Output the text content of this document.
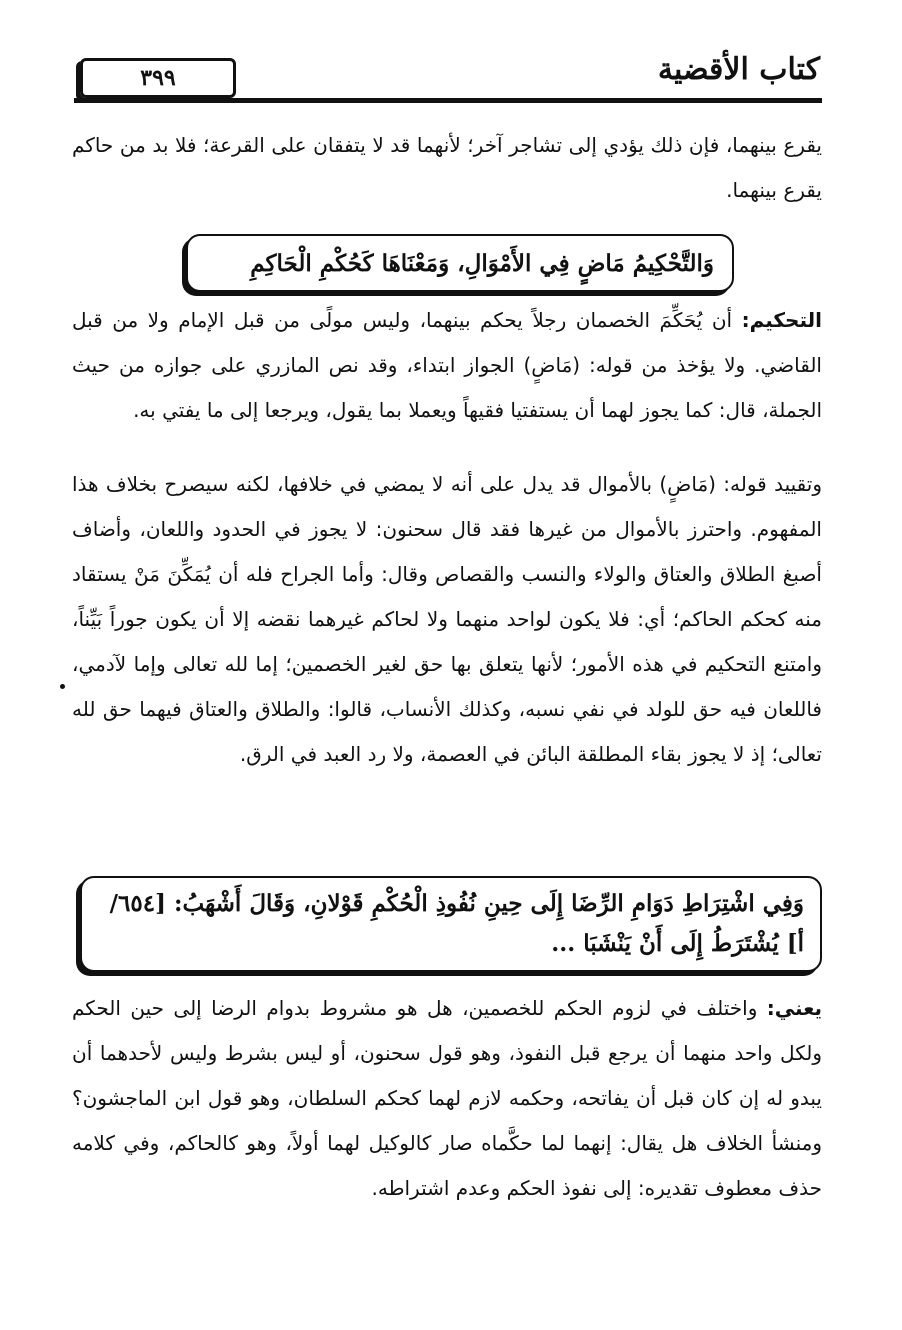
٣٩٩	كتاب الأقضية
يقرع بينهما، فإن ذلك يؤدي إلى تشاجر آخر؛ لأنهما قد لا يتفقان على القرعة؛ فلا بد من حاكم يقرع بينهما.
وَالتَّحْكِيمُ مَاضٍ فِي الأَمْوَالِ، وَمَعْنَاهَا كَحُكْمِ الْحَاكِمِ
التحكيم: أن يُحَكِّمَ الخصمان رجلاً يحكم بينهما، وليس مولًى من قبل الإمام ولا من قبل القاضي. ولا يؤخذ من قوله: (مَاضٍ) الجواز ابتداء، وقد نص المازري على جوازه من حيث الجملة، قال: كما يجوز لهما أن يستفتيا فقيهاً ويعملا بما يقول، ويرجعا إلى ما يفتي به.
وتقييد قوله: (مَاضٍ) بالأموال قد يدل على أنه لا يمضي في خلافها، لكنه سيصرح بخلاف هذا المفهوم. واحترز بالأموال من غيرها فقد قال سحنون: لا يجوز في الحدود واللعان، وأضاف أصبغ الطلاق والعتاق والولاء والنسب والقصاص وقال: وأما الجراح فله أن يُمَكِّنَ مَنْ يستقاد منه كحكم الحاكم؛ أي: فلا يكون لواحد منهما ولا لحاكم غيرهما نقضه إلا أن يكون جوراً بَيِّناً، وامتنع التحكيم في هذه الأمور؛ لأنها يتعلق بها حق لغير الخصمين؛ إما لله تعالى وإما لآدمي، فاللعان فيه حق للولد في نفي نسبه، وكذلك الأنساب، قالوا: والطلاق والعتاق فيهما حق لله تعالى؛ إذ لا يجوز بقاء المطلقة البائن في العصمة، ولا رد العبد في الرق.
وَفِي اشْتِرَاطِ دَوَامِ الرِّضَا إِلَى حِينِ نُفُوذِ الْحُكْمِ قَوْلانِ، وَقَالَ أَشْهَبُ: [٦٥٤/أ] يُشْتَرَطُ إِلَى أَنْ يَنْشَبَا ...
يعني: واختلف في لزوم الحكم للخصمين، هل هو مشروط بدوام الرضا إلى حين الحكم ولكل واحد منهما أن يرجع قبل النفوذ، وهو قول سحنون، أو ليس بشرط وليس لأحدهما أن يبدو له إن كان قبل أن يفاتحه، وحكمه لازم لهما كحكم السلطان، وهو قول ابن الماجشون؟ ومنشأ الخلاف هل يقال: إنهما لما حكَّماه صار كالوكيل لهما أولاً، وهو كالحاكم، وفي كلامه حذف معطوف تقديره: إلى نفوذ الحكم وعدم اشتراطه.
